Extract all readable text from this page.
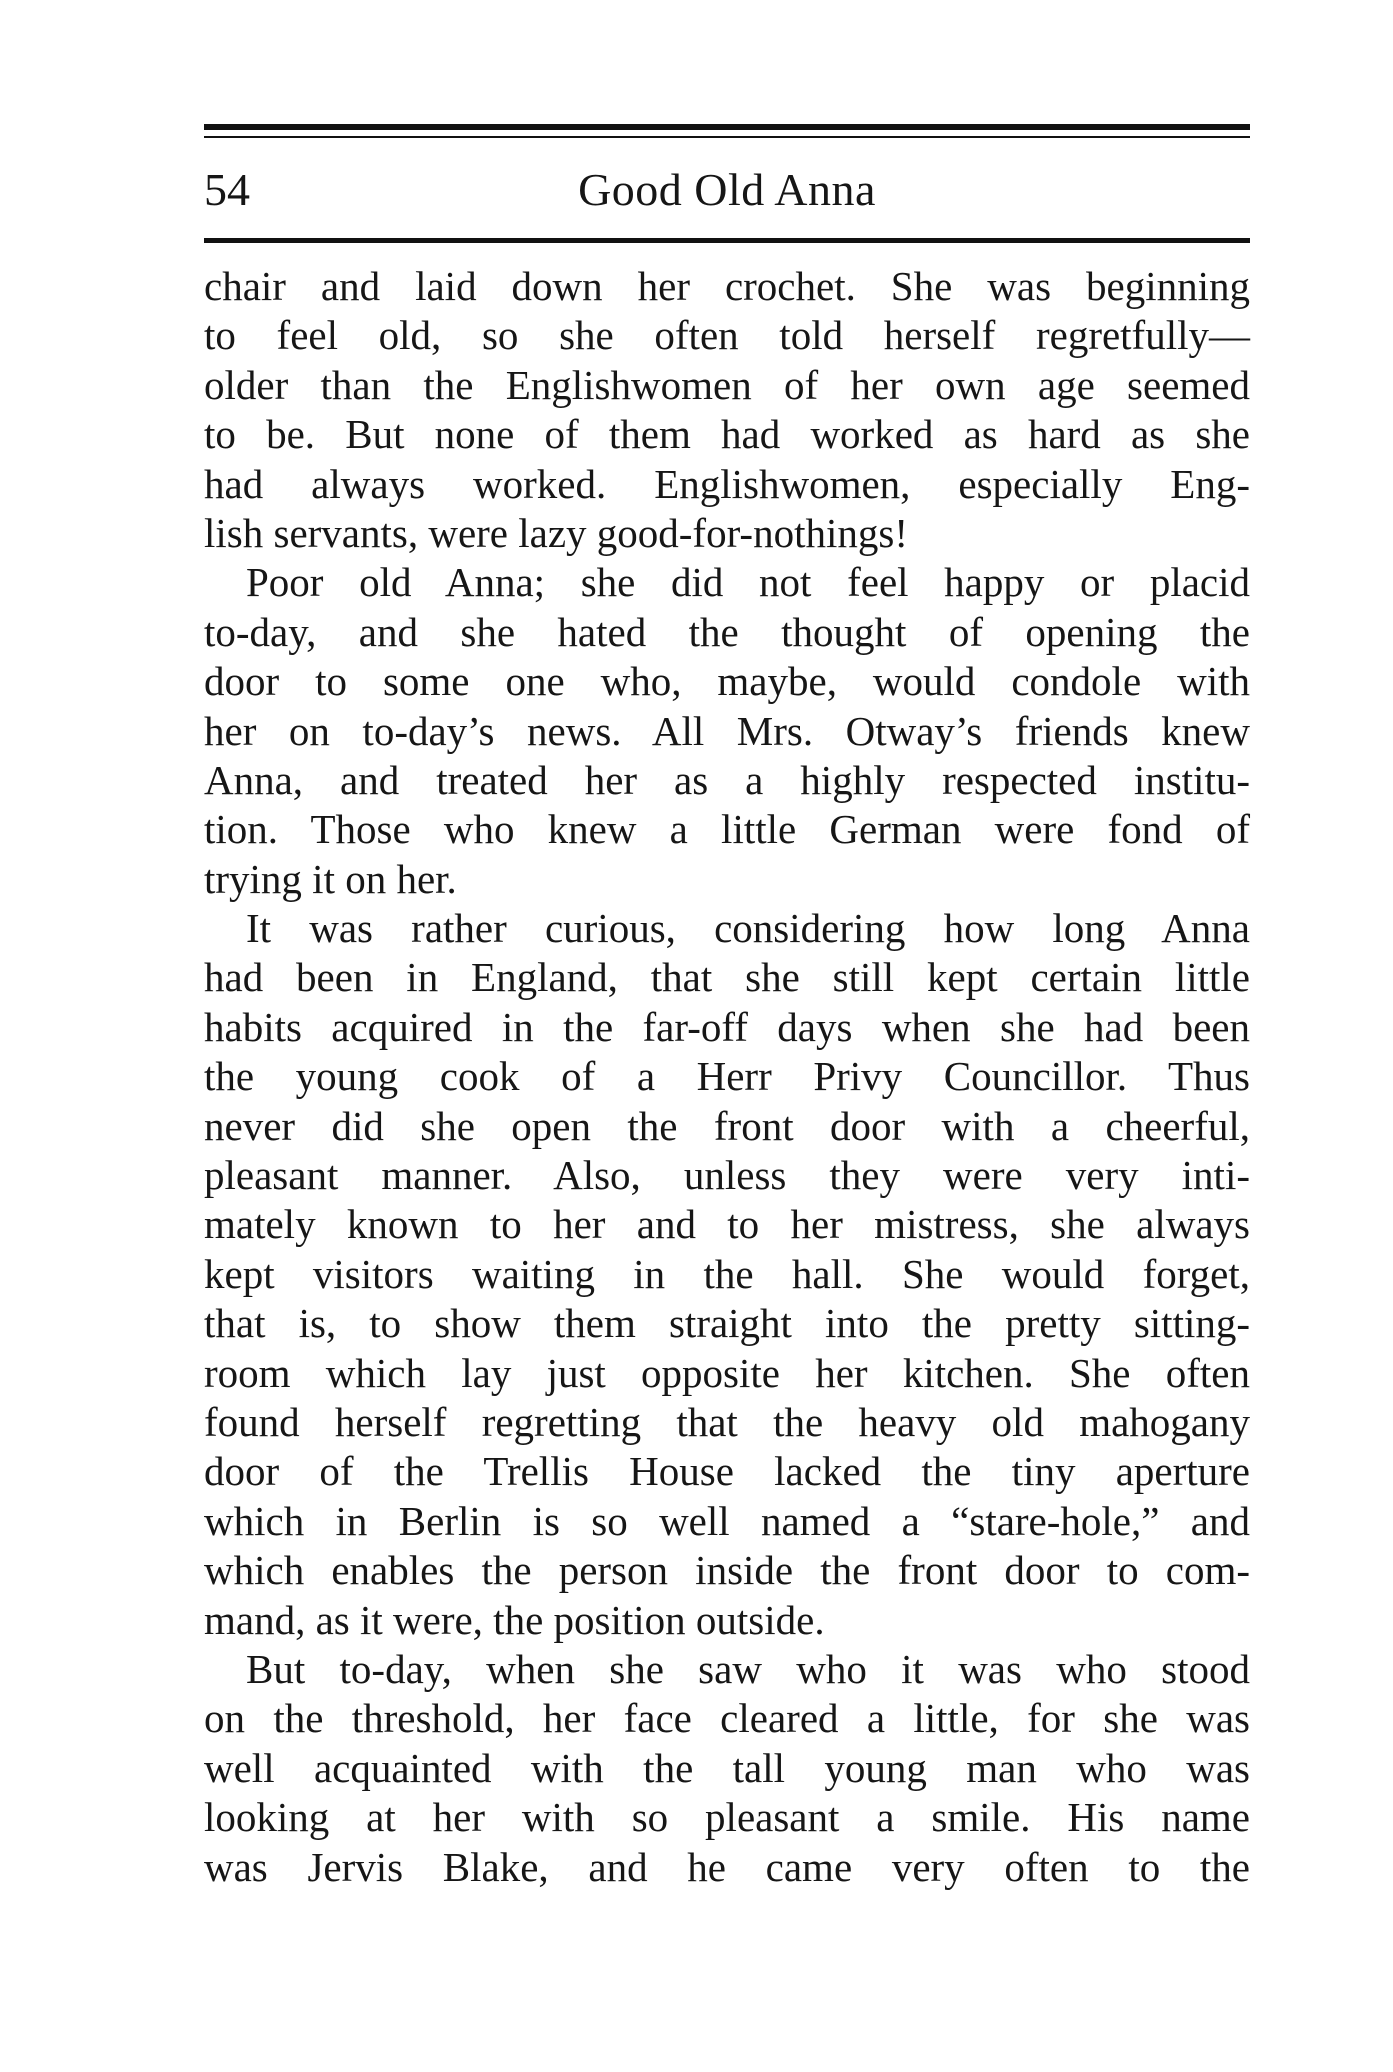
54	Good Old Anna
chair and laid down her crochet. She was beginning
to feel old, so she often told herself regretfully—
older than the Englishwomen of her own age seemed
to be. But none of them had worked as hard as she
had always worked. Englishwomen, especially Eng-
lish servants, were lazy good-for-nothings!
Poor old Anna; she did not feel happy or placid
to-day, and she hated the thought of opening the
door to some one who, maybe, would condole with
her on to-day’s news. All Mrs. Otway’s friends knew
Anna, and treated her as a highly respected institu-
tion. Those who knew a little German were fond of
trying it on her.
It was rather curious, considering how long Anna
had been in England, that she still kept certain little
habits acquired in the far-off days when she had been
the young cook of a Herr Privy Councillor. Thus
never did she open the front door with a cheerful,
pleasant manner. Also, unless they were very inti-
mately known to her and to her mistress, she always
kept visitors waiting in the hall. She would forget,
that is, to show them straight into the pretty sitting-
room which lay just opposite her kitchen. She often
found herself regretting that the heavy old mahogany
door of the Trellis House lacked the tiny aperture
which in Berlin is so well named a “stare-hole,” and
which enables the person inside the front door to com-
mand, as it were, the position outside.
But to-day, when she saw who it was who stood
on the threshold, her face cleared a little, for she was
well acquainted with the tall young man who was
looking at her with so pleasant a smile. His name
was Jervis Blake, and he came very often to the
